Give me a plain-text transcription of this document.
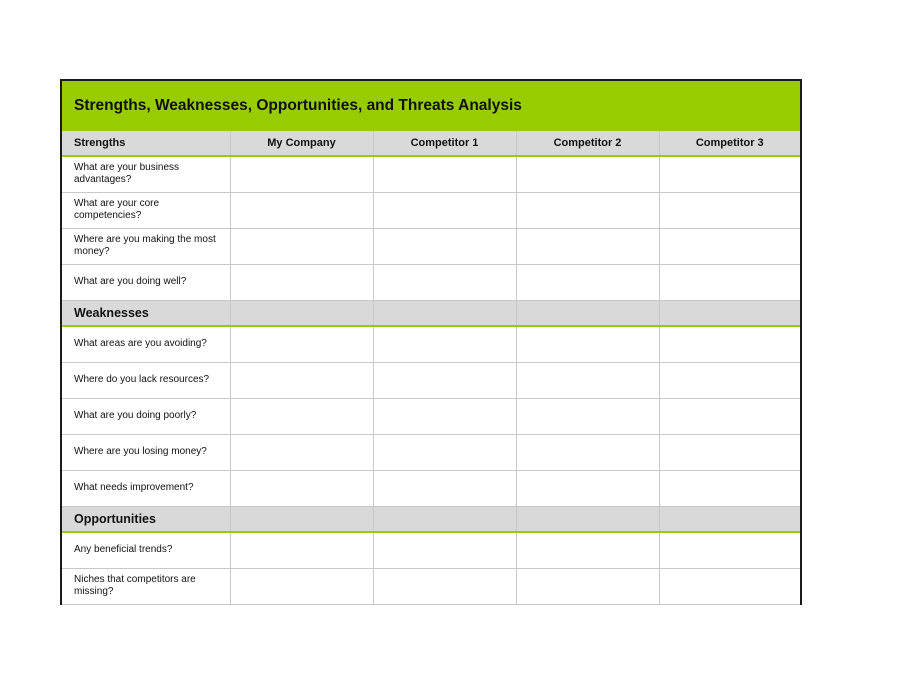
Strengths, Weaknesses, Opportunities, and Threats Analysis
Strengths	My Company	Competitor 1	Competitor 2	Competitor 3
What are your business advantages?				
What are your core competencies?				
Where are you making the most money?				
What are you doing well?				
Weaknesses				
What areas are you avoiding?				
Where do you lack resources?				
What are you doing poorly?				
Where are you losing money?				
What needs improvement?				
Opportunities				
Any beneficial trends?				
Niches that competitors are missing?				
